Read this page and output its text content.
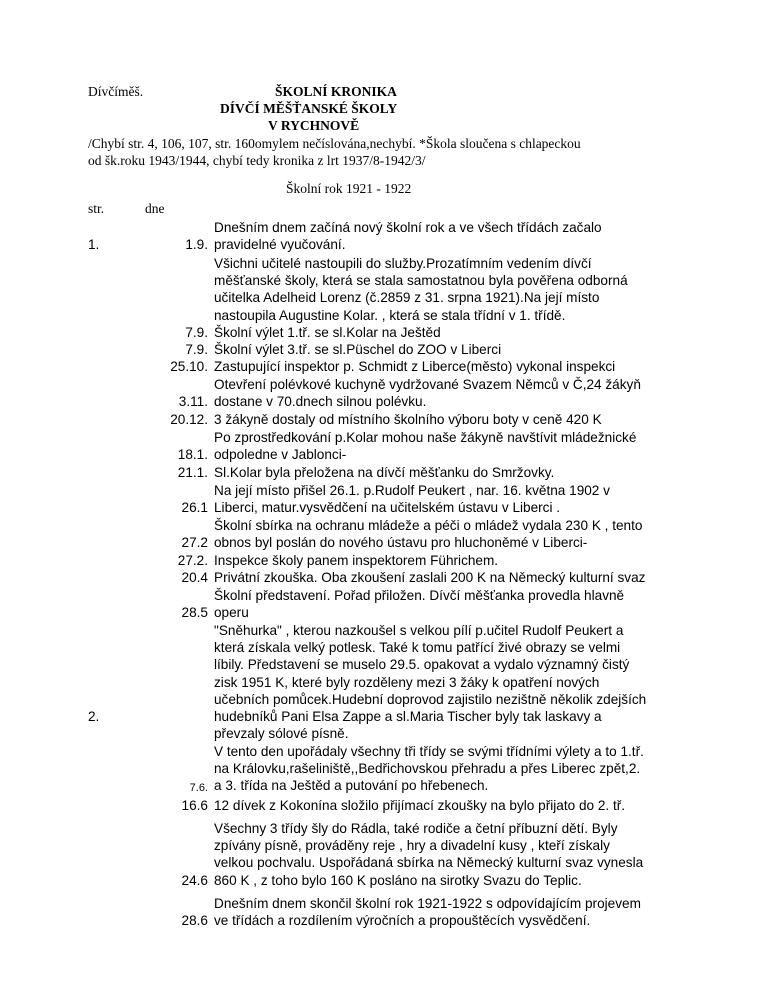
Dívčíměš.	ŠKOLNÍ KRONIKA
DÍVČÍ MĚŠŤANSKÉ ŠKOLY
V RYCHNOVĚ
/Chybí str. 4, 106, 107, str. 160omylem nečíslována,nechybí. *Škola sloučena s chlapeckou
od šk.roku 1943/1944, chybí tedy kronika z lrt 1937/8-1942/3/
Školní rok 1921 - 1922
str.	dne
Dnešním dnem začíná nový školní rok a ve všech třídách začalo
pravidelné vyučování.
1.9.
1.
Všichni učitelé nastoupili do služby.Prozatímním vedením dívčí
měšťanské školy, která se stala samostatnou byla pověřena odborná
učitelka Adelheid Lorenz (č.2859 z 31. srpna 1921).Na její místo
nastoupila Augustine Kolar. , která se stala třídní v 1. třídě.
Školní výlet 1.tř. se sl.Kolar na Ještěd
7.9.
Školní výlet 3.tř. se sl.Püschel do ZOO v Liberci
7.9.
Zastupující inspektor p. Schmidt z Liberce(město) vykonal inspekci
25.10.
Otevření polévkové kuchyně vydržované Svazem Němců v Č,24 žákyň
dostane v 70.dnech silnou polévku.
3.11.
3 žákyně dostaly od místního školního výboru boty v ceně 420 K
20.12.
Po zprostředkování p.Kolar mohou naše žákyně navštívit mládežnické
odpoledne v Jablonci-
18.1.
Sl.Kolar byla přeložena na dívčí měšťanku do Smržovky.
21.1.
Na její místo přišel 26.1. p.Rudolf Peukert , nar. 16. května 1902 v
Liberci, matur.vysvědčení na učitelském ústavu v Liberci .
26.1
Školní sbírka na ochranu mládeže a péči o mládež vydala 230 K , tento
obnos byl poslán do nového ústavu pro hluchoněmé v Liberci-
27.2
Inspekce školy panem inspektorem Führichem.
27.2.
Privátní zkouška. Oba zkoušení zaslali 200 K na Německý kulturní svaz
20.4
Školní představení. Pořad přiložen. Dívčí měšťanka provedla hlavně
operu
28.5
"Sněhurka" , kterou nazkoušel s velkou pílí p.učitel Rudolf Peukert a
která získala velký potlesk. Také k tomu patřící živé obrazy se velmi
líbily. Představení se muselo 29.5. opakovat a vydalo významný čistý
zisk 1951 K, které byly rozděleny mezi 3 žáky k opatření nových
učebních pomůcek.Hudební doprovod zajistilo nezištně několik zdejších
hudebníků Pani Elsa Zappe a sl.Maria Tischer byly tak laskavy a
převzaly sólové písně.
2.
V tento den upořádaly všechny tři třídy se svými třídními výlety a to 1.tř.
na Královku,rašeliniště,,Bedřichovskou přehradu a přes Liberec zpět,2.
a 3. třída na Ještěd a putování po hřebenech.
7.6.
12 dívek z Kokonína složilo přijímací zkoušky na bylo přijato do 2. tř.
16.6
Všechny 3 třídy šly do Rádla, také rodiče a četní příbuzní dětí. Byly
zpívány písně, prováděny reje , hry a divadelní kusy , kteří získaly
velkou pochvalu. Uspořádaná sbírka na Německý kulturní svaz vynesla
860 K , z toho bylo 160 K posláno na sirotky Svazu do Teplic.
24.6
Dnešním dnem skončil školní rok 1921-1922 s odpovídajícím projevem
ve třídách a rozdílením výročních a propouštěcích vysvědčení.
28.6
